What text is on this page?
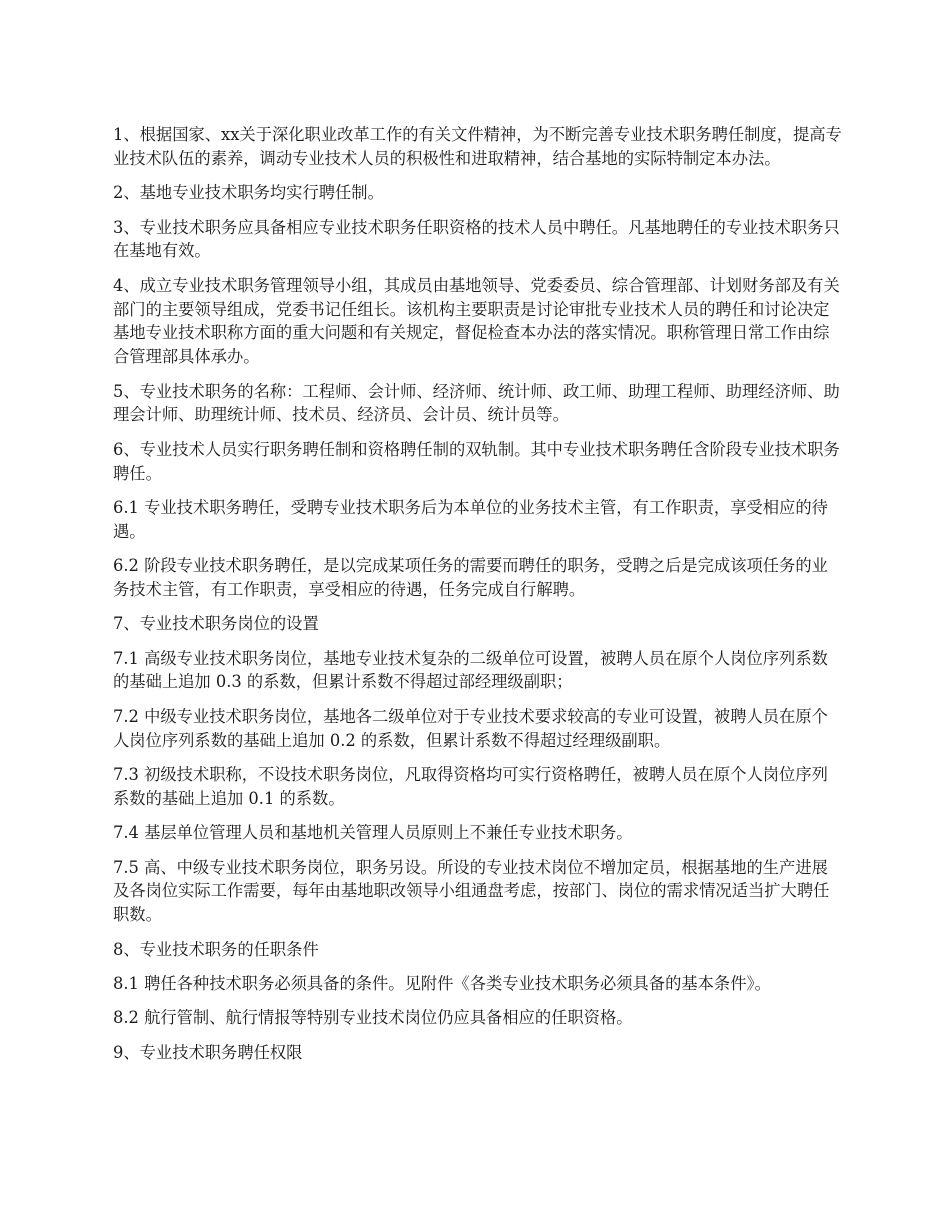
1、根据国家、xx关于深化职业改革工作的有关文件精神，为不断完善专业技术职务聘任制度，提高专业技术队伍的素养，调动专业技术人员的积极性和进取精神，结合基地的实际特制定本办法。

2、基地专业技术职务均实行聘任制。

3、专业技术职务应具备相应专业技术职务任职资格的技术人员中聘任。凡基地聘任的专业技术职务只在基地有效。

4、成立专业技术职务管理领导小组，其成员由基地领导、党委委员、综合管理部、计划财务部及有关部门的主要领导组成，党委书记任组长。该机构主要职责是讨论审批专业技术人员的聘任和讨论决定基地专业技术职称方面的重大问题和有关规定，督促检查本办法的落实情况。职称管理日常工作由综合管理部具体承办。

5、专业技术职务的名称：工程师、会计师、经济师、统计师、政工师、助理工程师、助理经济师、助理会计师、助理统计师、技术员、经济员、会计员、统计员等。

6、专业技术人员实行职务聘任制和资格聘任制的双轨制。其中专业技术职务聘任含阶段专业技术职务聘任。

6.1 专业技术职务聘任，受聘专业技术职务后为本单位的业务技术主管，有工作职责，享受相应的待遇。

6.2 阶段专业技术职务聘任，是以完成某项任务的需要而聘任的职务，受聘之后是完成该项任务的业务技术主管，有工作职责，享受相应的待遇，任务完成自行解聘。

7、专业技术职务岗位的设置

7.1 高级专业技术职务岗位，基地专业技术复杂的二级单位可设置，被聘人员在原个人岗位序列系数的基础上追加 0.3 的系数，但累计系数不得超过部经理级副职；

7.2 中级专业技术职务岗位，基地各二级单位对于专业技术要求较高的专业可设置，被聘人员在原个人岗位序列系数的基础上追加 0.2 的系数，但累计系数不得超过经理级副职。

7.3 初级技术职称，不设技术职务岗位，凡取得资格均可实行资格聘任，被聘人员在原个人岗位序列系数的基础上追加 0.1 的系数。

7.4 基层单位管理人员和基地机关管理人员原则上不兼任专业技术职务。

7.5 高、中级专业技术职务岗位，职务另设。所设的专业技术岗位不增加定员，根据基地的生产进展及各岗位实际工作需要，每年由基地职改领导小组通盘考虑，按部门、岗位的需求情况适当扩大聘任职数。

8、专业技术职务的任职条件

8.1 聘任各种技术职务必须具备的条件。见附件《各类专业技术职务必须具备的基本条件》。

8.2 航行管制、航行情报等特别专业技术岗位仍应具备相应的任职资格。

9、专业技术职务聘任权限
